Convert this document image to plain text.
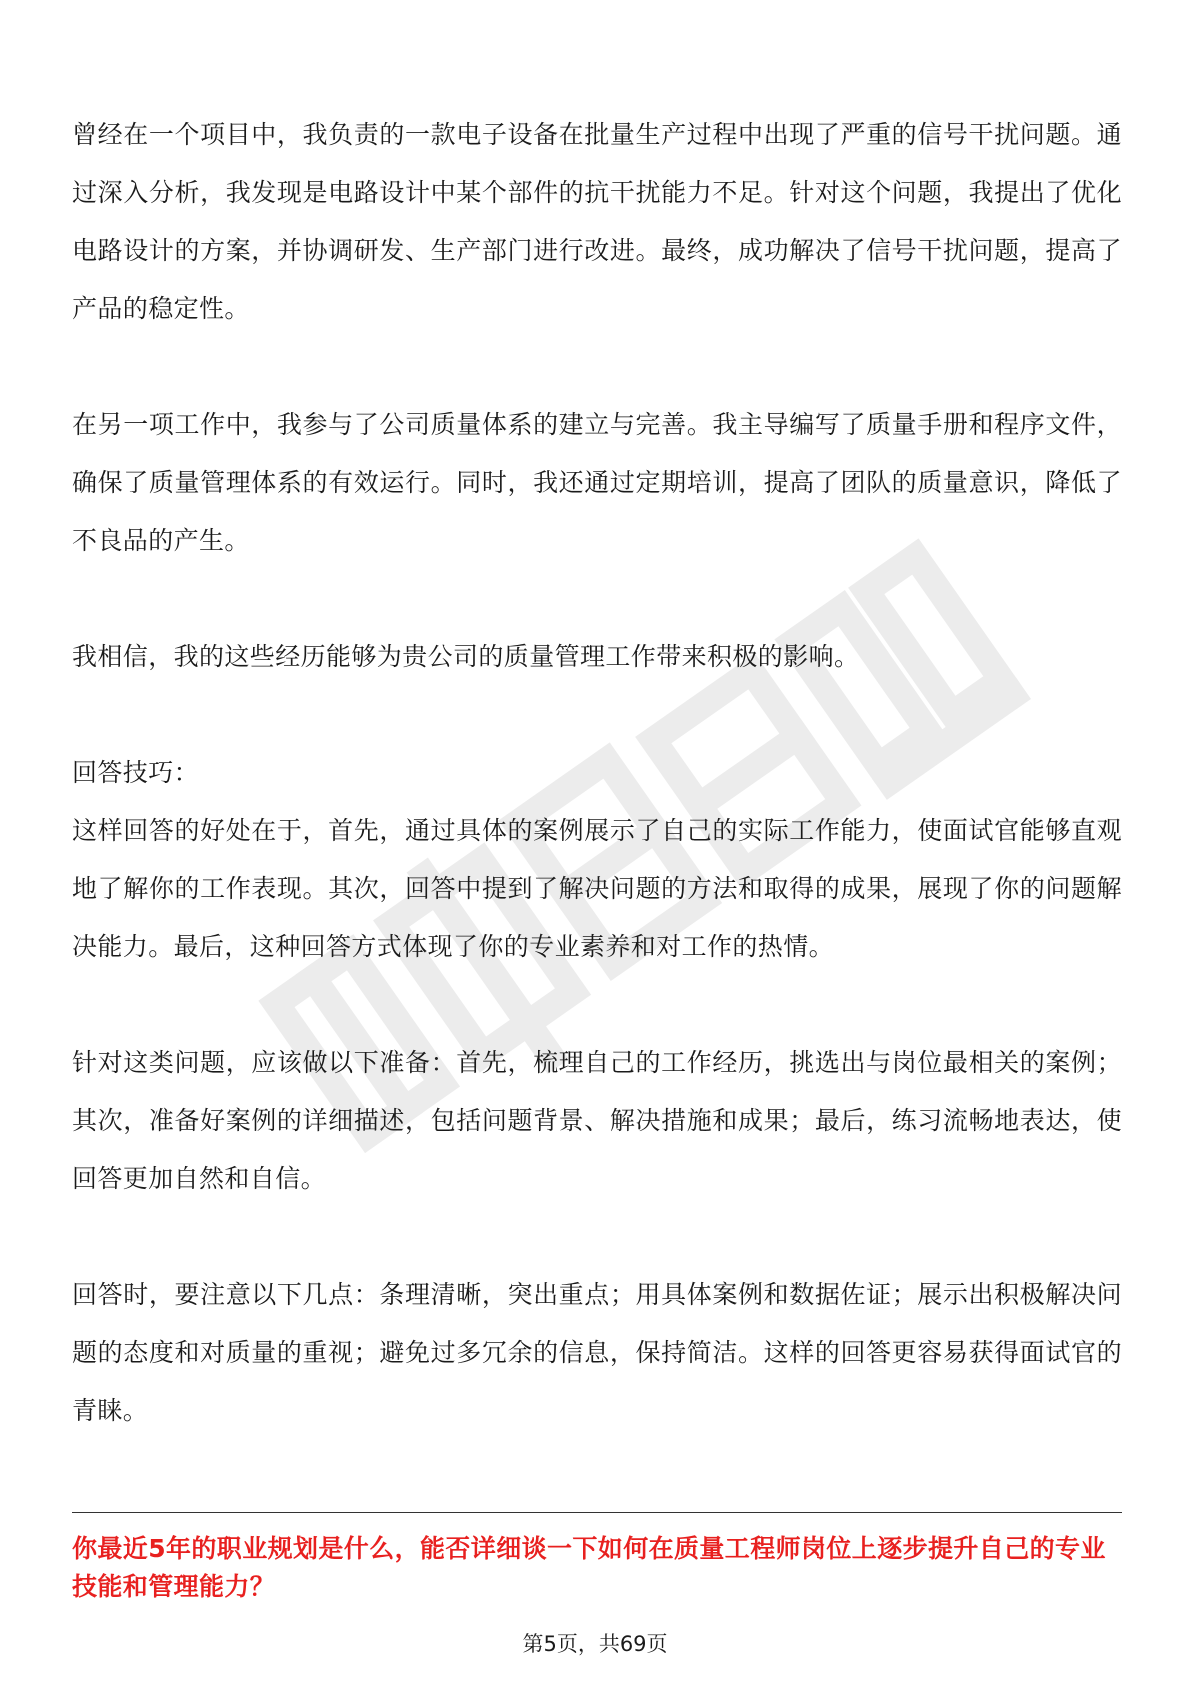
曾经在一个项目中，我负责的一款电子设备在批量生产过程中出现了严重的信号干扰问题。通过深入分析，我发现是电路设计中某个部件的抗干扰能力不足。针对这个问题，我提出了优化电路设计的方案，并协调研发、生产部门进行改进。最终，成功解决了信号干扰问题，提高了产品的稳定性。

在另一项工作中，我参与了公司质量体系的建立与完善。我主导编写了质量手册和程序文件，确保了质量管理体系的有效运行。同时，我还通过定期培训，提高了团队的质量意识，降低了不良品的产生。

我相信，我的这些经历能够为贵公司的质量管理工作带来积极的影响。

回答技巧：

这样回答的好处在于，首先，通过具体的案例展示了自己的实际工作能力，使面试官能够直观地了解你的工作表现。其次，回答中提到了解决问题的方法和取得的成果，展现了你的问题解决能力。最后，这种回答方式体现了你的专业素养和对工作的热情。

针对这类问题，应该做以下准备：首先，梳理自己的工作经历，挑选出与岗位最相关的案例；其次，准备好案例的详细描述，包括问题背景、解决措施和成果；最后，练习流畅地表达，使回答更加自然和自信。

回答时，要注意以下几点：条理清晰，突出重点；用具体案例和数据佐证；展示出积极解决问题的态度和对质量的重视；避免过多冗余的信息，保持简洁。这样的回答更容易获得面试官的青睐。

你最近5年的职业规划是什么，能否详细谈一下如何在质量工程师岗位上逐步提升自己的专业技能和管理能力？

第5页，共69页
